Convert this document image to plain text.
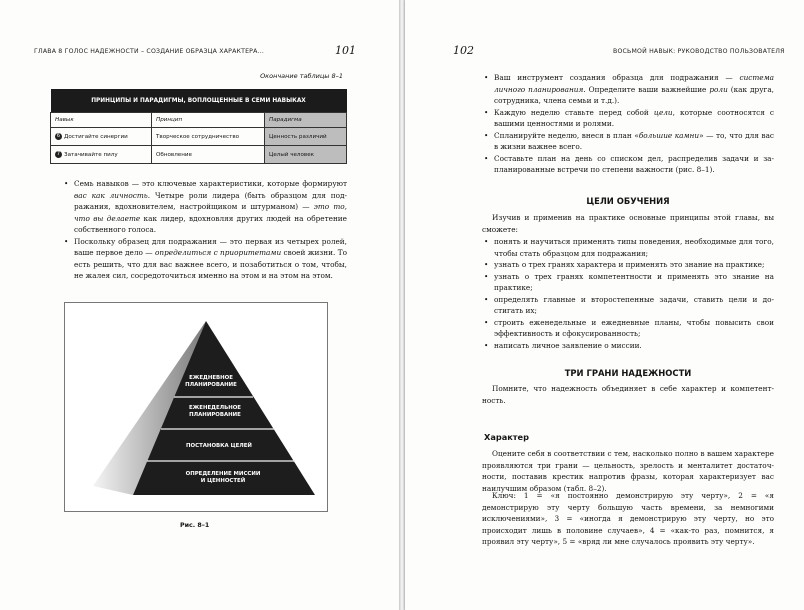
ГЛАВА 8 ГОЛОС НАДЕЖНОСТИ – СОЗДАНИЕ ОБРАЗЦА ХАРАКТЕРА...	101
Окончание таблицы 8–1
ПРИНЦИПЫ И ПАРАДИГМЫ, ВОПЛОЩЕННЫЕ В СЕМИ НАВЫКАХ		
Навык	Принцип	Парадигма
6 Достигайте синергии	Творческое сотрудничество	Ценность различий
7 Затачивайте пилу	Обновление	Целый человек
• Семь навыков — это ключевые характеристики, которые формируют вас как личность. Четыре роли лидера (быть образцом для подражания, вдохновителем, настройщиком и штурманом) — это то, что вы делаете как лидер, вдохновляя других людей на обретение собственного голоса.
• Поскольку образец для подражания — это первая из четырех ролей, ваше первое дело — определиться с приоритетами своей жизни. То есть решить, что для вас важнее всего, и позаботиться о том, чтобы, не жалея сил, сосредоточиться именно на этом и на этом на этом.
ЕЖЕДНЕВНОЕ ПЛАНИРОВАНИЕ
ЕЖЕНЕДЕЛЬНОЕ ПЛАНИРОВАНИЕ
ПОСТАНОВКА ЦЕЛЕЙ
ОПРЕДЕЛЕНИЕ МИССИИ И ЦЕННОСТЕЙ
Рис. 8–1
102	ВОСЬМОЙ НАВЫК: РУКОВОДСТВО ПОЛЬЗОВАТЕЛЯ
• Ваш инструмент создания образца для подражания — система личного планирования. Определите ваши важнейшие роли (как друга, сотрудника, члена семьи и т.д.).
• Каждую неделю ставьте перед собой цели, которые соотносятся с вашими ценностями и ролями.
• Спланируйте неделю, внеся в план «большие камни» — то, что для вас в жизни важнее всего.
• Составьте план на день со списком дел, распределив задачи и запланированные встречи по степени важности (рис. 8–1).
ЦЕЛИ ОБУЧЕНИЯ

Изучив и применив на практике основные принципы этой главы, вы сможете:

• понять и научиться применять типы поведения, необходимые для того, чтобы стать образцом для подражания;
• узнать о трех гранях характера и применять это знание на практике;
• узнать о трех гранях компетентности и применять это знание на практике;
• определять главные и второстепенные задачи, ставить цели и достигать их;
• строить еженедельные и ежедневные планы, чтобы повысить свои эффективность и сфокусированность;
• написать личное заявление о миссии.
ТРИ ГРАНИ НАДЕЖНОСТИ

Помните, что надежность объединяет в себе характер и компетентность.

Характер

Оцените себя в соответствии с тем, насколько полно в вашем характере проявляются три грани — цельность, зрелость и менталитет достаточности, поставив крестик напротив фразы, которая характеризует вас наилучшим образом (табл. 8–2).

Ключ: 1 = «я постоянно демонстрирую эту черту», 2 = «я демонстрирую эту черту большую часть времени, за немногими исключениями», 3 = «иногда я демонстрирую эту черту, но это происходит лишь в половине случаев», 4 = «как-то раз, помнится, я проявил эту черту», 5 = «вряд ли мне случалось проявить эту черту».
